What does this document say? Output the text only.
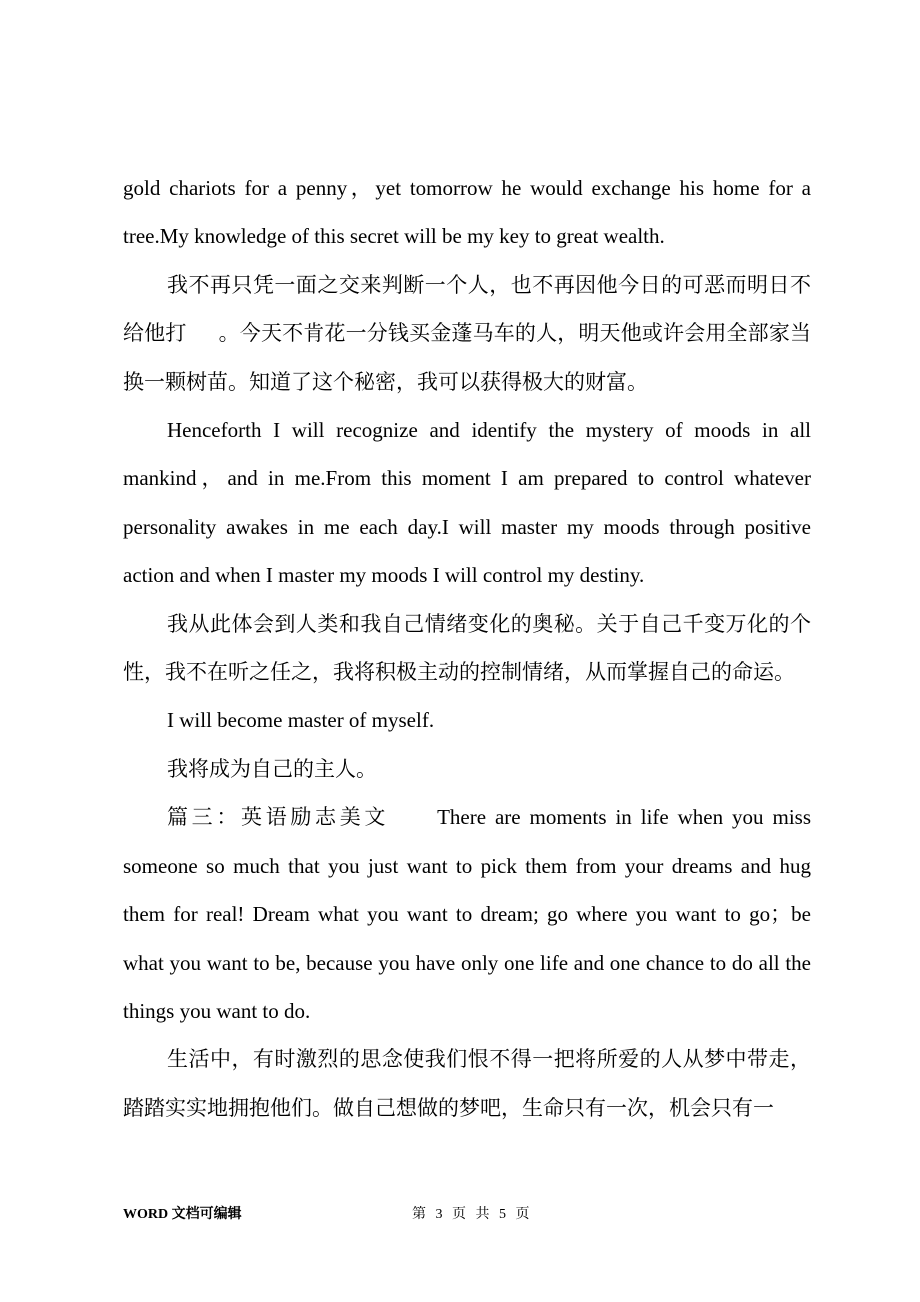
gold chariots for a penny，yet tomorrow he would exchange his home for a tree.My knowledge of this secret will be my key to great wealth.

我不再只凭一面之交来判断一个人，也不再因他今日的可恶而明日不给他打 。今天不肯花一分钱买金蓬马车的人，明天他或许会用全部家当换一颗树苗。知道了这个秘密，我可以获得极大的财富。

Henceforth I will recognize and identify the mystery of moods in all mankind，and in me.From this moment I am prepared to control whatever personality awakes in me each day.I will master my moods through positive action and when I master my moods I will control my destiny.

我从此体会到人类和我自己情绪变化的奥秘。关于自己千变万化的个性，我不在听之任之，我将积极主动的控制情绪，从而掌握自己的命运。

I will become master of myself.

我将成为自己的主人。

篇三：英语励志美文 There are moments in life when you miss someone so much that you just want to pick them from your dreams and hug them for real! Dream what you want to dream; go where you want to go；be what you want to be, because you have only one life and one chance to do all the things you want to do.

生活中，有时激烈的思念使我们恨不得一把将所爱的人从梦中带走，踏踏实实地拥抱他们。做自己想做的梦吧，生命只有一次，机会只有一

WORD 文档可编辑	第 3 页 共 5 页
